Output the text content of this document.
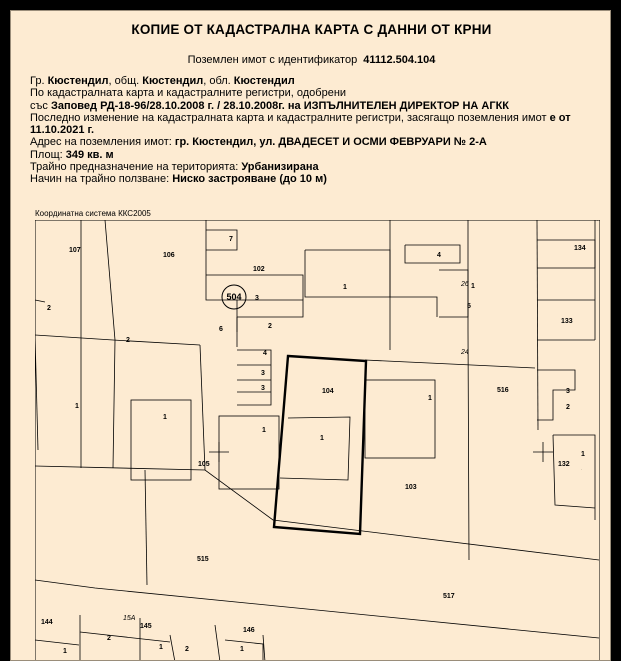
КОПИЕ ОТ КАДАСТРАЛНА КАРТА С ДАННИ ОТ КРНИ
Поземлен имот с идентификатор 41112.504.104
Гр. Кюстендил, общ. Кюстендил, обл. Кюстендил
По кадастралната карта и кадастралните регистри, одобрени
със Заповед РД-18-96/28.10.2008 г. / 28.10.2008г. на ИЗПЪЛНИТЕЛЕН ДИРЕКТОР НА АГКК
Последно изменение на кадастралната карта и кадастралните регистри, засягащо поземления имот е от
11.10.2021 г.
Адрес на поземления имот: гр. Кюстендил, ул. ДВАДЕСЕТ И ОСМИ ФЕВРУАРИ № 2-А
Площ: 349 кв. м
Трайно предназначение на територията: Урбанизирана
Начин на трайно ползване: Ниско застрояване (до 10 м)
Координатна система ККС2005
504
107
106
7
102
4
134
26
1	1
3
5
133
2
2
6
2
4	24
3
3	104
1
516	3
1	2
1
1
1
1
105
1
103
1
132
515
517
144
15А
145
146
1
2
1	2	1
